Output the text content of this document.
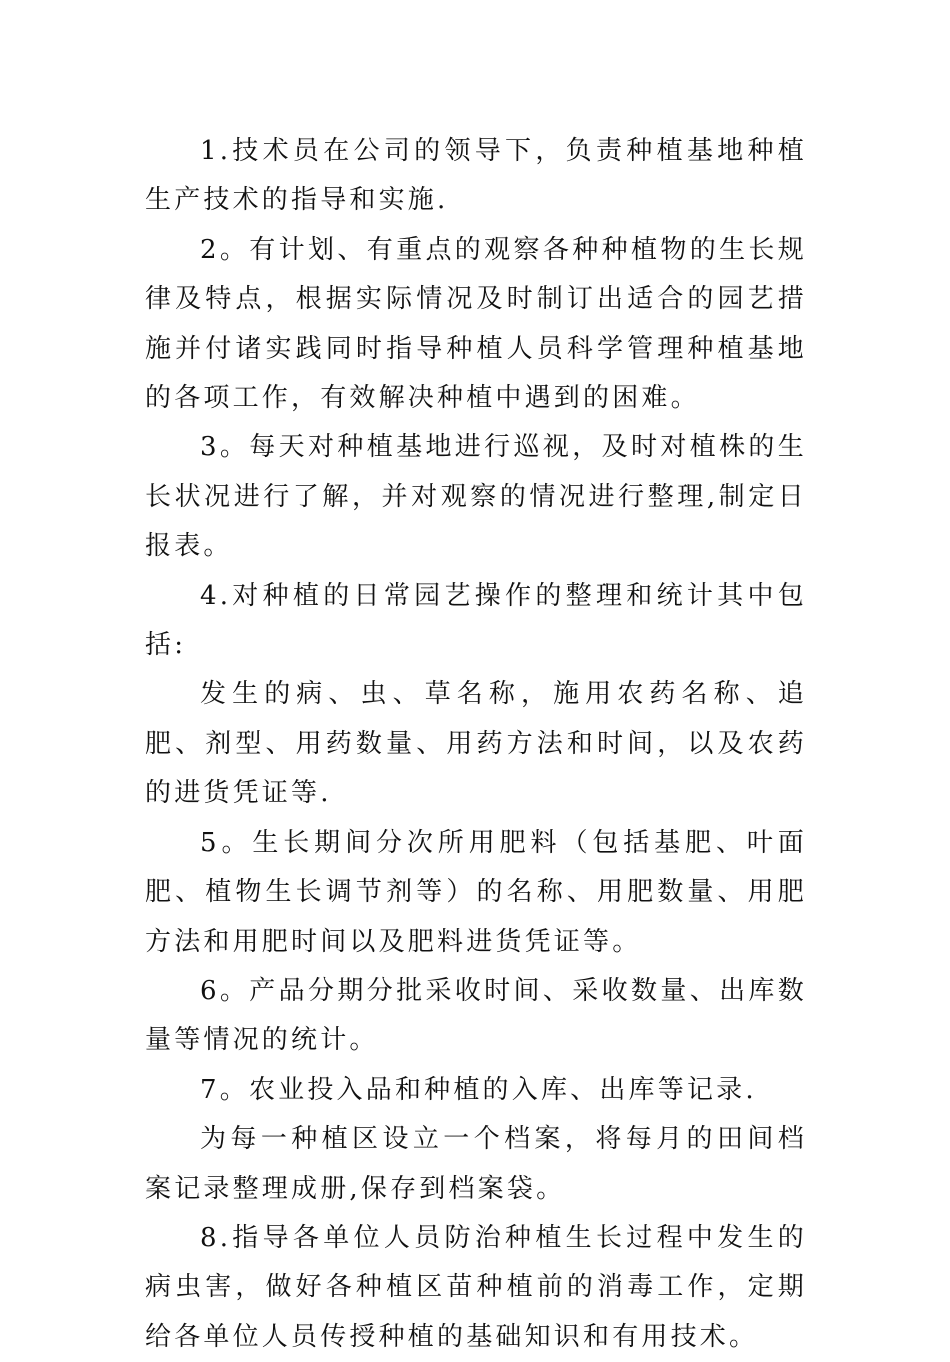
1.技术员在公司的领导下，负责种植基地种植生产技术的指导和实施.

2。有计划、有重点的观察各种种植物的生长规律及特点，根据实际情况及时制订出适合的园艺措施并付诸实践同时指导种植人员科学管理种植基地的各项工作，有效解决种植中遇到的困难。

3。每天对种植基地进行巡视，及时对植株的生长状况进行了解，并对观察的情况进行整理,制定日报表。

4.对种植的日常园艺操作的整理和统计其中包括:

发生的病、虫、草名称，施用农药名称、追肥、剂型、用药数量、用药方法和时间，以及农药的进货凭证等.

5。生长期间分次所用肥料（包括基肥、叶面肥、植物生长调节剂等）的名称、用肥数量、用肥方法和用肥时间以及肥料进货凭证等。

6。产品分期分批采收时间、采收数量、出库数量等情况的统计。

7。农业投入品和种植的入库、出库等记录.

为每一种植区设立一个档案，将每月的田间档案记录整理成册,保存到档案袋。

8.指导各单位人员防治种植生长过程中发生的病虫害，做好各种植区苗种植前的消毒工作，定期给各单位人员传授种植的基础知识和有用技术。
